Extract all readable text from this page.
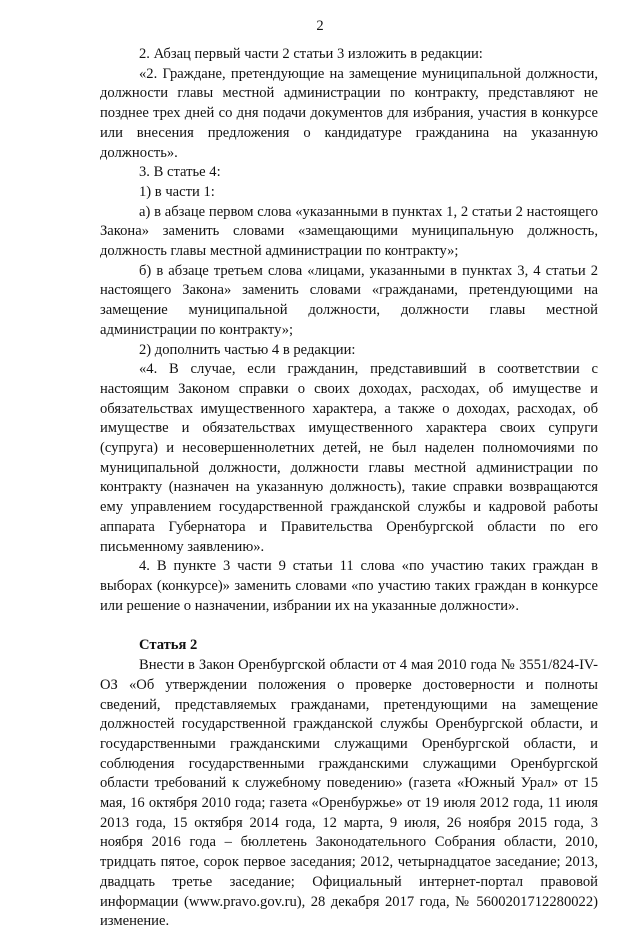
2

2. Абзац первый части 2 статьи 3 изложить в редакции:

«2. Граждане, претендующие на замещение муниципальной должности, должности главы местной администрации по контракту, представляют не позднее трех дней со дня подачи документов для избрания, участия в конкурсе или внесения предложения о кандидатуре гражданина на указанную должность».

3. В статье 4:

1) в части 1:

а) в абзаце первом слова «указанными в пунктах 1, 2 статьи 2 настоящего Закона» заменить словами «замещающими муниципальную должность, должность главы местной администрации по контракту»;

б) в абзаце третьем слова «лицами, указанными в пунктах 3, 4 статьи 2 настоящего Закона» заменить словами «гражданами, претендующими на замещение муниципальной должности, должности главы местной администрации по контракту»;

2) дополнить частью 4 в редакции:

«4. В случае, если гражданин, представивший в соответствии с настоящим Законом справки о своих доходах, расходах, об имуществе и обязательствах имущественного характера, а также о доходах, расходах, об имуществе и обязательствах имущественного характера своих супруги (супруга) и несовершеннолетних детей, не был наделен полномочиями по муниципальной должности, должности главы местной администрации по контракту (назначен на указанную должность), такие справки возвращаются ему управлением государственной гражданской службы и кадровой работы аппарата Губернатора и Правительства Оренбургской области по его письменному заявлению».

4. В пункте 3 части 9 статьи 11 слова «по участию таких граждан в выборах (конкурсе)» заменить словами «по участию таких граждан в конкурсе или решение о назначении, избрании их на указанные должности».

Статья 2

Внести в Закон Оренбургской области от 4 мая 2010 года № 3551/824-IV-ОЗ «Об утверждении положения о проверке достоверности и полноты сведений, представляемых гражданами, претендующими на замещение должностей государственной гражданской службы Оренбургской области, и государственными гражданскими служащими Оренбургской области, и соблюдения государственными гражданскими служащими Оренбургской области требований к служебному поведению» (газета «Южный Урал» от 15 мая, 16 октября 2010 года; газета «Оренбуржье» от 19 июля 2012 года, 11 июля 2013 года, 15 октября 2014 года, 12 марта, 9 июля, 26 ноября 2015 года, 3 ноября 2016 года – бюллетень Законодательного Собрания области, 2010, тридцать пятое, сорок первое заседания; 2012, четырнадцатое заседание; 2013, двадцать третье заседание; Официальный интернет-портал правовой информации (www.pravo.gov.ru), 28 декабря 2017 года, № 5600201712280022) изменение.
